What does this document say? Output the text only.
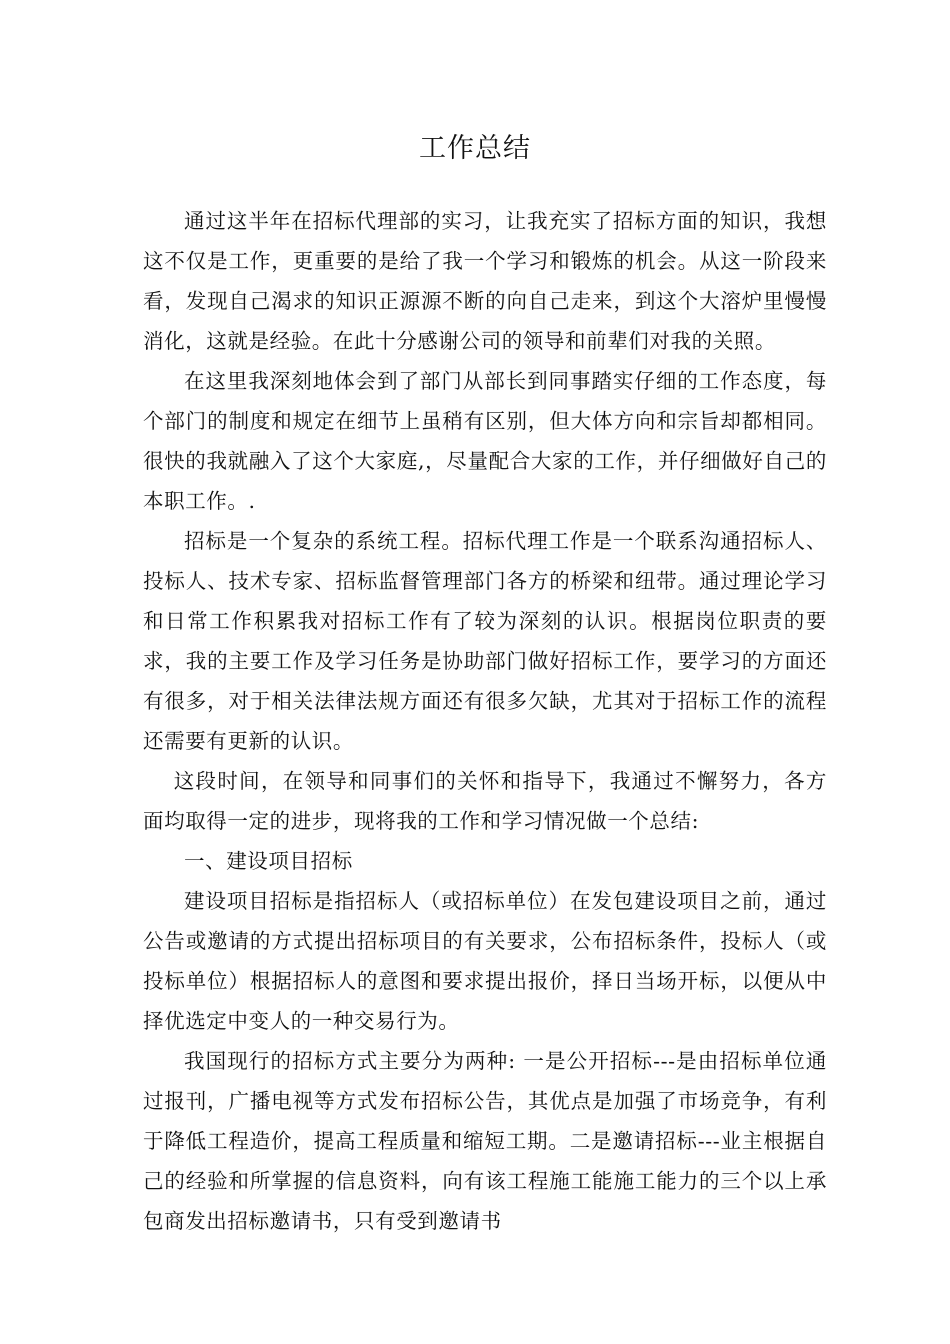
工作总结

通过这半年在招标代理部的实习，让我充实了招标方面的知识，我想这不仅是工作，更重要的是给了我一个学习和锻炼的机会。从这一阶段来看，发现自己渴求的知识正源源不断的向自己走来，到这个大溶炉里慢慢消化，这就是经验。在此十分感谢公司的领导和前辈们对我的关照。

在这里我深刻地体会到了部门从部长到同事踏实仔细的工作态度，每个部门的制度和规定在细节上虽稍有区别，但大体方向和宗旨却都相同。很快的我就融入了这个大家庭,，尽量配合大家的工作，并仔细做好自己的本职工作。.

招标是一个复杂的系统工程。招标代理工作是一个联系沟通招标人、投标人、技术专家、招标监督管理部门各方的桥梁和纽带。通过理论学习和日常工作积累我对招标工作有了较为深刻的认识。根据岗位职责的要求，我的主要工作及学习任务是协助部门做好招标工作，要学习的方面还有很多，对于相关法律法规方面还有很多欠缺，尤其对于招标工作的流程还需要有更新的认识。

这段时间，在领导和同事们的关怀和指导下，我通过不懈努力，各方面均取得一定的进步，现将我的工作和学习情况做一个总结:

一、建设项目招标

建设项目招标是指招标人（或招标单位）在发包建设项目之前，通过公告或邀请的方式提出招标项目的有关要求，公布招标条件，投标人（或投标单位）根据招标人的意图和要求提出报价，择日当场开标，以便从中择优选定中变人的一种交易行为。

我国现行的招标方式主要分为两种: 一是公开招标---是由招标单位通过报刊，广播电视等方式发布招标公告，其优点是加强了市场竞争，有利于降低工程造价，提高工程质量和缩短工期。二是邀请招标---业主根据自己的经验和所掌握的信息资料，向有该工程施工能施工能力的三个以上承包商发出招标邀请书，只有受到邀请书
